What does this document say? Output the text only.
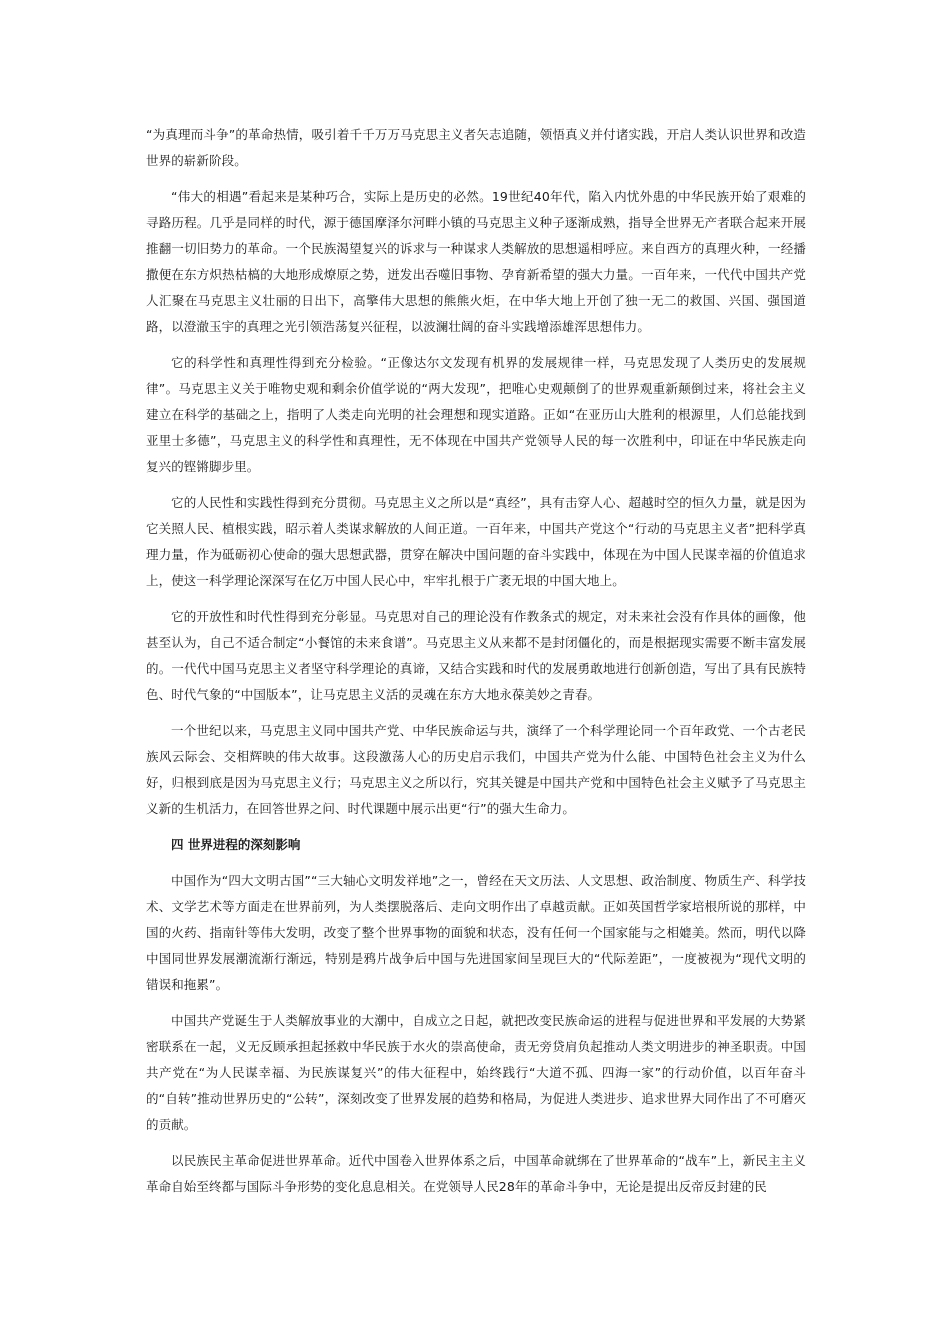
“为真理而斗争”的革命热情，吸引着千千万万马克思主义者矢志追随，领悟真义并付诸实践，开启人类认识世界和改造世界的崭新阶段。

“伟大的相遇”看起来是某种巧合，实际上是历史的必然。19世纪40年代，陷入内忧外患的中华民族开始了艰难的寻路历程。几乎是同样的时代，源于德国摩泽尔河畔小镇的马克思主义种子逐渐成熟，指导全世界无产者联合起来开展推翻一切旧势力的革命。一个民族渴望复兴的诉求与一种谋求人类解放的思想遥相呼应。来自西方的真理火种，一经播撒便在东方炽热枯槁的大地形成燎原之势，迸发出吞噬旧事物、孕育新希望的强大力量。一百年来，一代代中国共产党人汇聚在马克思主义壮丽的日出下，高擎伟大思想的熊熊火炬，在中华大地上开创了独一无二的救国、兴国、强国道路，以澄澈玉宇的真理之光引领浩荡复兴征程，以波澜壮阔的奋斗实践增添雄浑思想伟力。

它的科学性和真理性得到充分检验。“正像达尔文发现有机界的发展规律一样，马克思发现了人类历史的发展规律”。马克思主义关于唯物史观和剩余价值学说的“两大发现”，把唯心史观颠倒了的世界观重新颠倒过来，将社会主义建立在科学的基础之上，指明了人类走向光明的社会理想和现实道路。正如“在亚历山大胜利的根源里，人们总能找到亚里士多德”，马克思主义的科学性和真理性，无不体现在中国共产党领导人民的每一次胜利中，印证在中华民族走向复兴的铿锵脚步里。

它的人民性和实践性得到充分贯彻。马克思主义之所以是“真经”，具有击穿人心、超越时空的恒久力量，就是因为它关照人民、植根实践，昭示着人类谋求解放的人间正道。一百年来，中国共产党这个“行动的马克思主义者”把科学真理力量，作为砥砺初心使命的强大思想武器，贯穿在解决中国问题的奋斗实践中，体现在为中国人民谋幸福的价值追求上，使这一科学理论深深写在亿万中国人民心中，牢牢扎根于广袤无垠的中国大地上。

它的开放性和时代性得到充分彰显。马克思对自己的理论没有作教条式的规定，对未来社会没有作具体的画像，他甚至认为，自己不适合制定“小餐馆的未来食谱”。马克思主义从来都不是封闭僵化的，而是根据现实需要不断丰富发展的。一代代中国马克思主义者坚守科学理论的真谛，又结合实践和时代的发展勇敢地进行创新创造，写出了具有民族特色、时代气象的“中国版本”，让马克思主义活的灵魂在东方大地永葆美妙之青春。

一个世纪以来，马克思主义同中国共产党、中华民族命运与共，演绎了一个科学理论同一个百年政党、一个古老民族风云际会、交相辉映的伟大故事。这段激荡人心的历史启示我们，中国共产党为什么能、中国特色社会主义为什么好，归根到底是因为马克思主义行；马克思主义之所以行，究其关键是中国共产党和中国特色社会主义赋予了马克思主义新的生机活力，在回答世界之问、时代课题中展示出更“行”的强大生命力。

四 世界进程的深刻影响

中国作为“四大文明古国”“三大轴心文明发祥地”之一，曾经在天文历法、人文思想、政治制度、物质生产、科学技术、文学艺术等方面走在世界前列，为人类摆脱落后、走向文明作出了卓越贡献。正如英国哲学家培根所说的那样，中国的火药、指南针等伟大发明，改变了整个世界事物的面貌和状态，没有任何一个国家能与之相媲美。然而，明代以降中国同世界发展潮流渐行渐远，特别是鸦片战争后中国与先进国家间呈现巨大的“代际差距”，一度被视为“现代文明的错误和拖累”。

中国共产党诞生于人类解放事业的大潮中，自成立之日起，就把改变民族命运的进程与促进世界和平发展的大势紧密联系在一起，义无反顾承担起拯救中华民族于水火的崇高使命，责无旁贷肩负起推动人类文明进步的神圣职责。中国共产党在“为人民谋幸福、为民族谋复兴”的伟大征程中，始终践行“大道不孤、四海一家”的行动价值，以百年奋斗的“自转”推动世界历史的“公转”，深刻改变了世界发展的趋势和格局，为促进人类进步、追求世界大同作出了不可磨灭的贡献。

以民族民主革命促进世界革命。近代中国卷入世界体系之后，中国革命就绑在了世界革命的“战车”上，新民主主义革命自始至终都与国际斗争形势的变化息息相关。在党领导人民28年的革命斗争中，无论是提出反帝反封建的民
